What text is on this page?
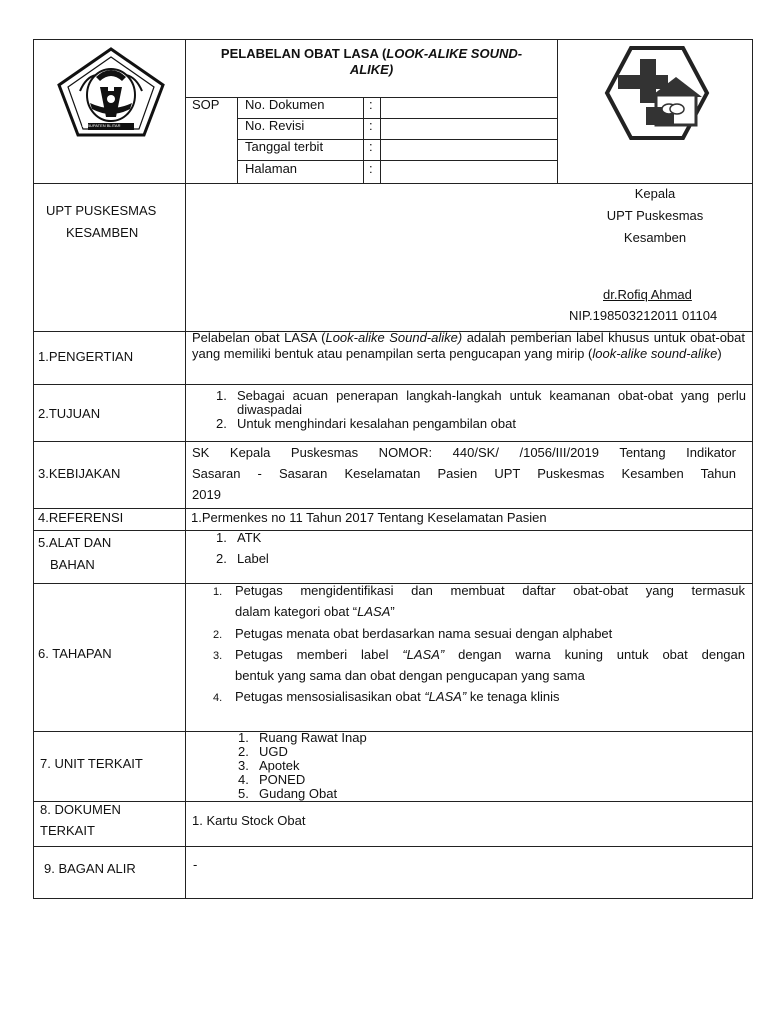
KABUPATEN BLITAR
PELABELAN OBAT LASA (LOOK-ALIKE SOUND-
ALIKE)
SOP No. Dokumen	:
No. Revisi	:
Tanggal terbit	:
Halaman	:
UPT PUSKESMAS
KESAMBEN
Kepala
UPT Puskesmas
Kesamben
dr.Rofiq Ahmad
NIP.198503212011 01104
1.PENGERTIAN
Pelabelan obat LASA (Look-alike Sound-alike) adalah pemberian label khusus untuk obat-obat yang memiliki bentuk atau penampilan serta pengucapan yang mirip (look-alike sound-alike)
2.TUJUAN
1. Sebagai acuan penerapan langkah-langkah untuk keamanan obat-obat yang perlu diwaspadai
2. Untuk menghindari kesalahan pengambilan obat
3.KEBIJAKAN
SK Kepala Puskesmas NOMOR: 440/SK/ /1056/III/2019 Tentang Indikator
Sasaran - Sasaran Keselamatan Pasien UPT Puskesmas Kesamben Tahun
2019
4.REFERENSI	1.Permenkes no 11 Tahun 2017 Tentang Keselamatan Pasien
5.ALAT DAN
BAHAN
1. ATK
2. Label
6. TAHAPAN
1. Petugas mengidentifikasi dan membuat daftar obat-obat yang termasuk
dalam kategori obat “LASA”
2. Petugas menata obat berdasarkan nama sesuai dengan alphabet
3. Petugas memberi label “LASA” dengan warna kuning untuk obat dengan
bentuk yang sama dan obat dengan pengucapan yang sama
4. Petugas mensosialisasikan obat “LASA” ke tenaga klinis
7. UNIT TERKAIT
1. Ruang Rawat Inap
2. UGD
3. Apotek
4. PONED
5. Gudang Obat
8. DOKUMEN
TERKAIT
1. Kartu Stock Obat
9. BAGAN ALIR	-
